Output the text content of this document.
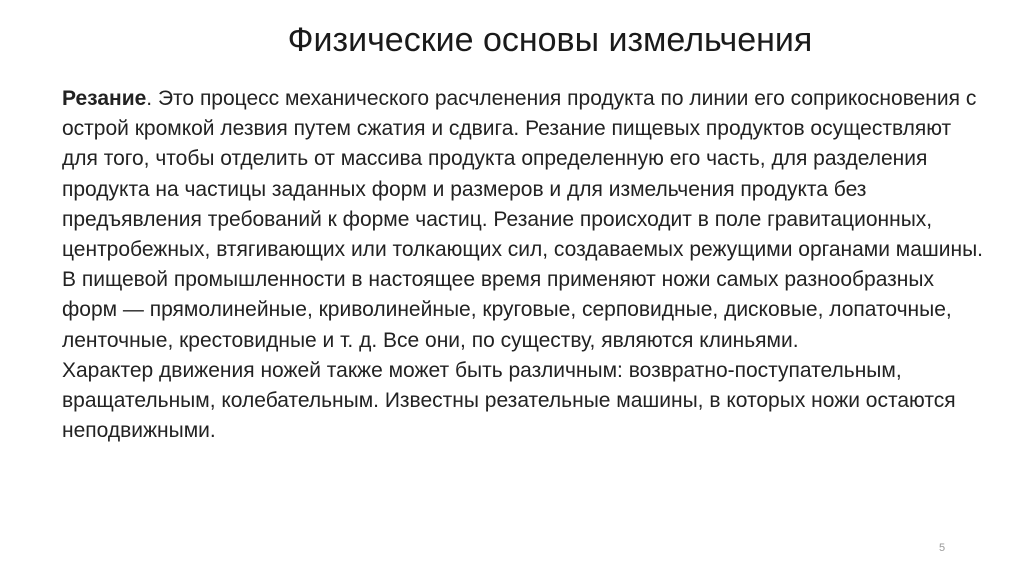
Физические основы измельчения

Резание. Это процесс механического расчленения продукта по линии его соприкосновения с острой кромкой лезвия путем сжатия и сдвига. Резание пищевых продуктов осуществляют для того, чтобы отделить от массива продукта определенную его часть, для разделения продукта на частицы заданных форм и размеров и для измельчения продукта без предъявления требований к форме частиц. Резание происходит в поле гравитационных, центробежных, втягивающих или толкающих сил, создаваемых режущими органами машины.

В пищевой промышленности в настоящее время применяют ножи самых разнообразных форм — прямолинейные, криволинейные, круговые, серповидные, дисковые, лопаточные, ленточные, крестовидные и т. д. Все они, по существу, являются клиньями.

Характер движения ножей также может быть различным: возвратно-поступательным, вращательным, колебательным. Известны резательные машины, в которых ножи остаются неподвижными.

5
